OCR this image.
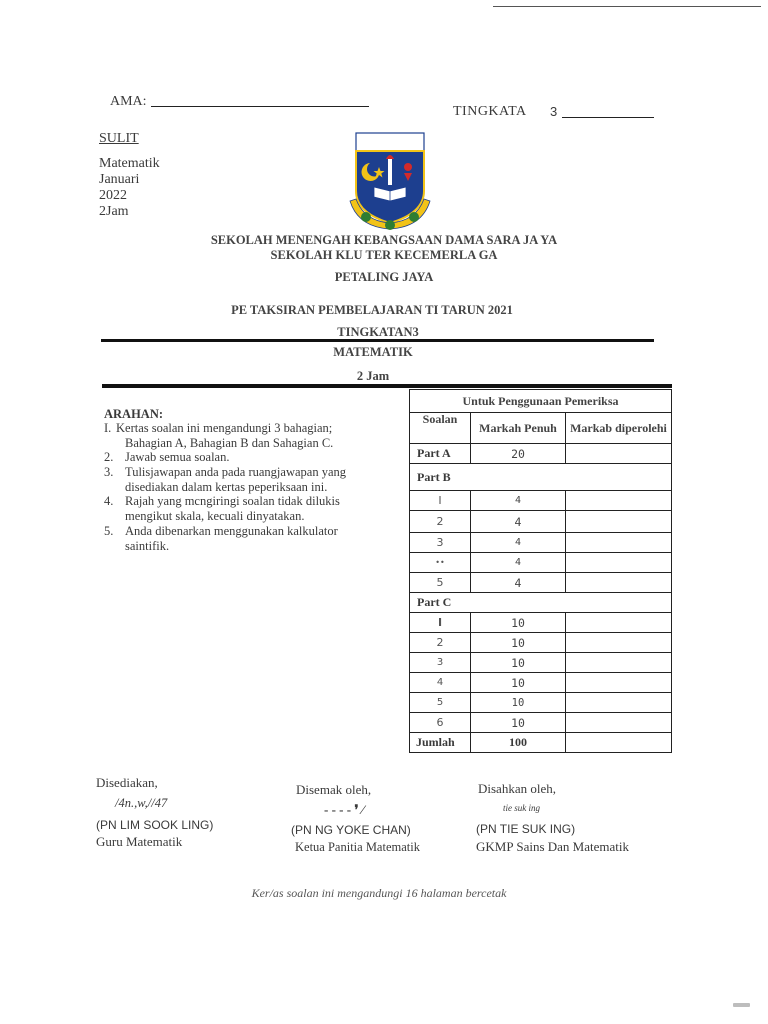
AMA:
TINGKATA 3
SULIT
Matematik
Januari
2022
2Jam
SEKOLAH MENENGAH KEBANGSAAN DAMA SARA JA YA
SEKOLAH KLU TER KECEMERLA GA
PETALING JAYA
PE TAKSIRAN PEMBELAJARAN TI TARUN 2021
TINGKATAN3
MATEMATIK
2 Jam
ARAHAN:
I. Kertas soalan ini mengandungi 3 bahagian;
Bahagian A, Bahagian B dan Sahagian C.
2. Jawab semua soalan.
3. Tulisjawapan anda pada ruangjawapan yang
disediakan dalam kertas peperiksaan ini.
4. Rajah yang mcngiringi soalan tidak dilukis
mengikut skala, kecuali dinyatakan.
5. Anda dibenarkan menggunakan kalkulator
saintifik.
Untuk Penggunaan Pemeriksa		
Soalan	Markah Penuh	Markab diperolehi
Part A	20	
Part B		
I	4	
2	4	
3	4	
••	4	
5	4	
Part C		
I	10	
2	10	
3	10	
4	10	
5	10	
6	10	
Jumlah	100	
Disediakan,
/4n.,w,//47
(PN LIM SOOK LING)
Guru Matematik
Disemak oleh,
- - - - ❜ ⁄
(PN NG YOKE CHAN)
Ketua Panitia Matematik
Disahkan oleh,
tie suk ing
(PN TIE SUK ING)
GKMP Sains Dan Matematik
Ker/as soalan ini mengandungi 16 halaman bercetak
